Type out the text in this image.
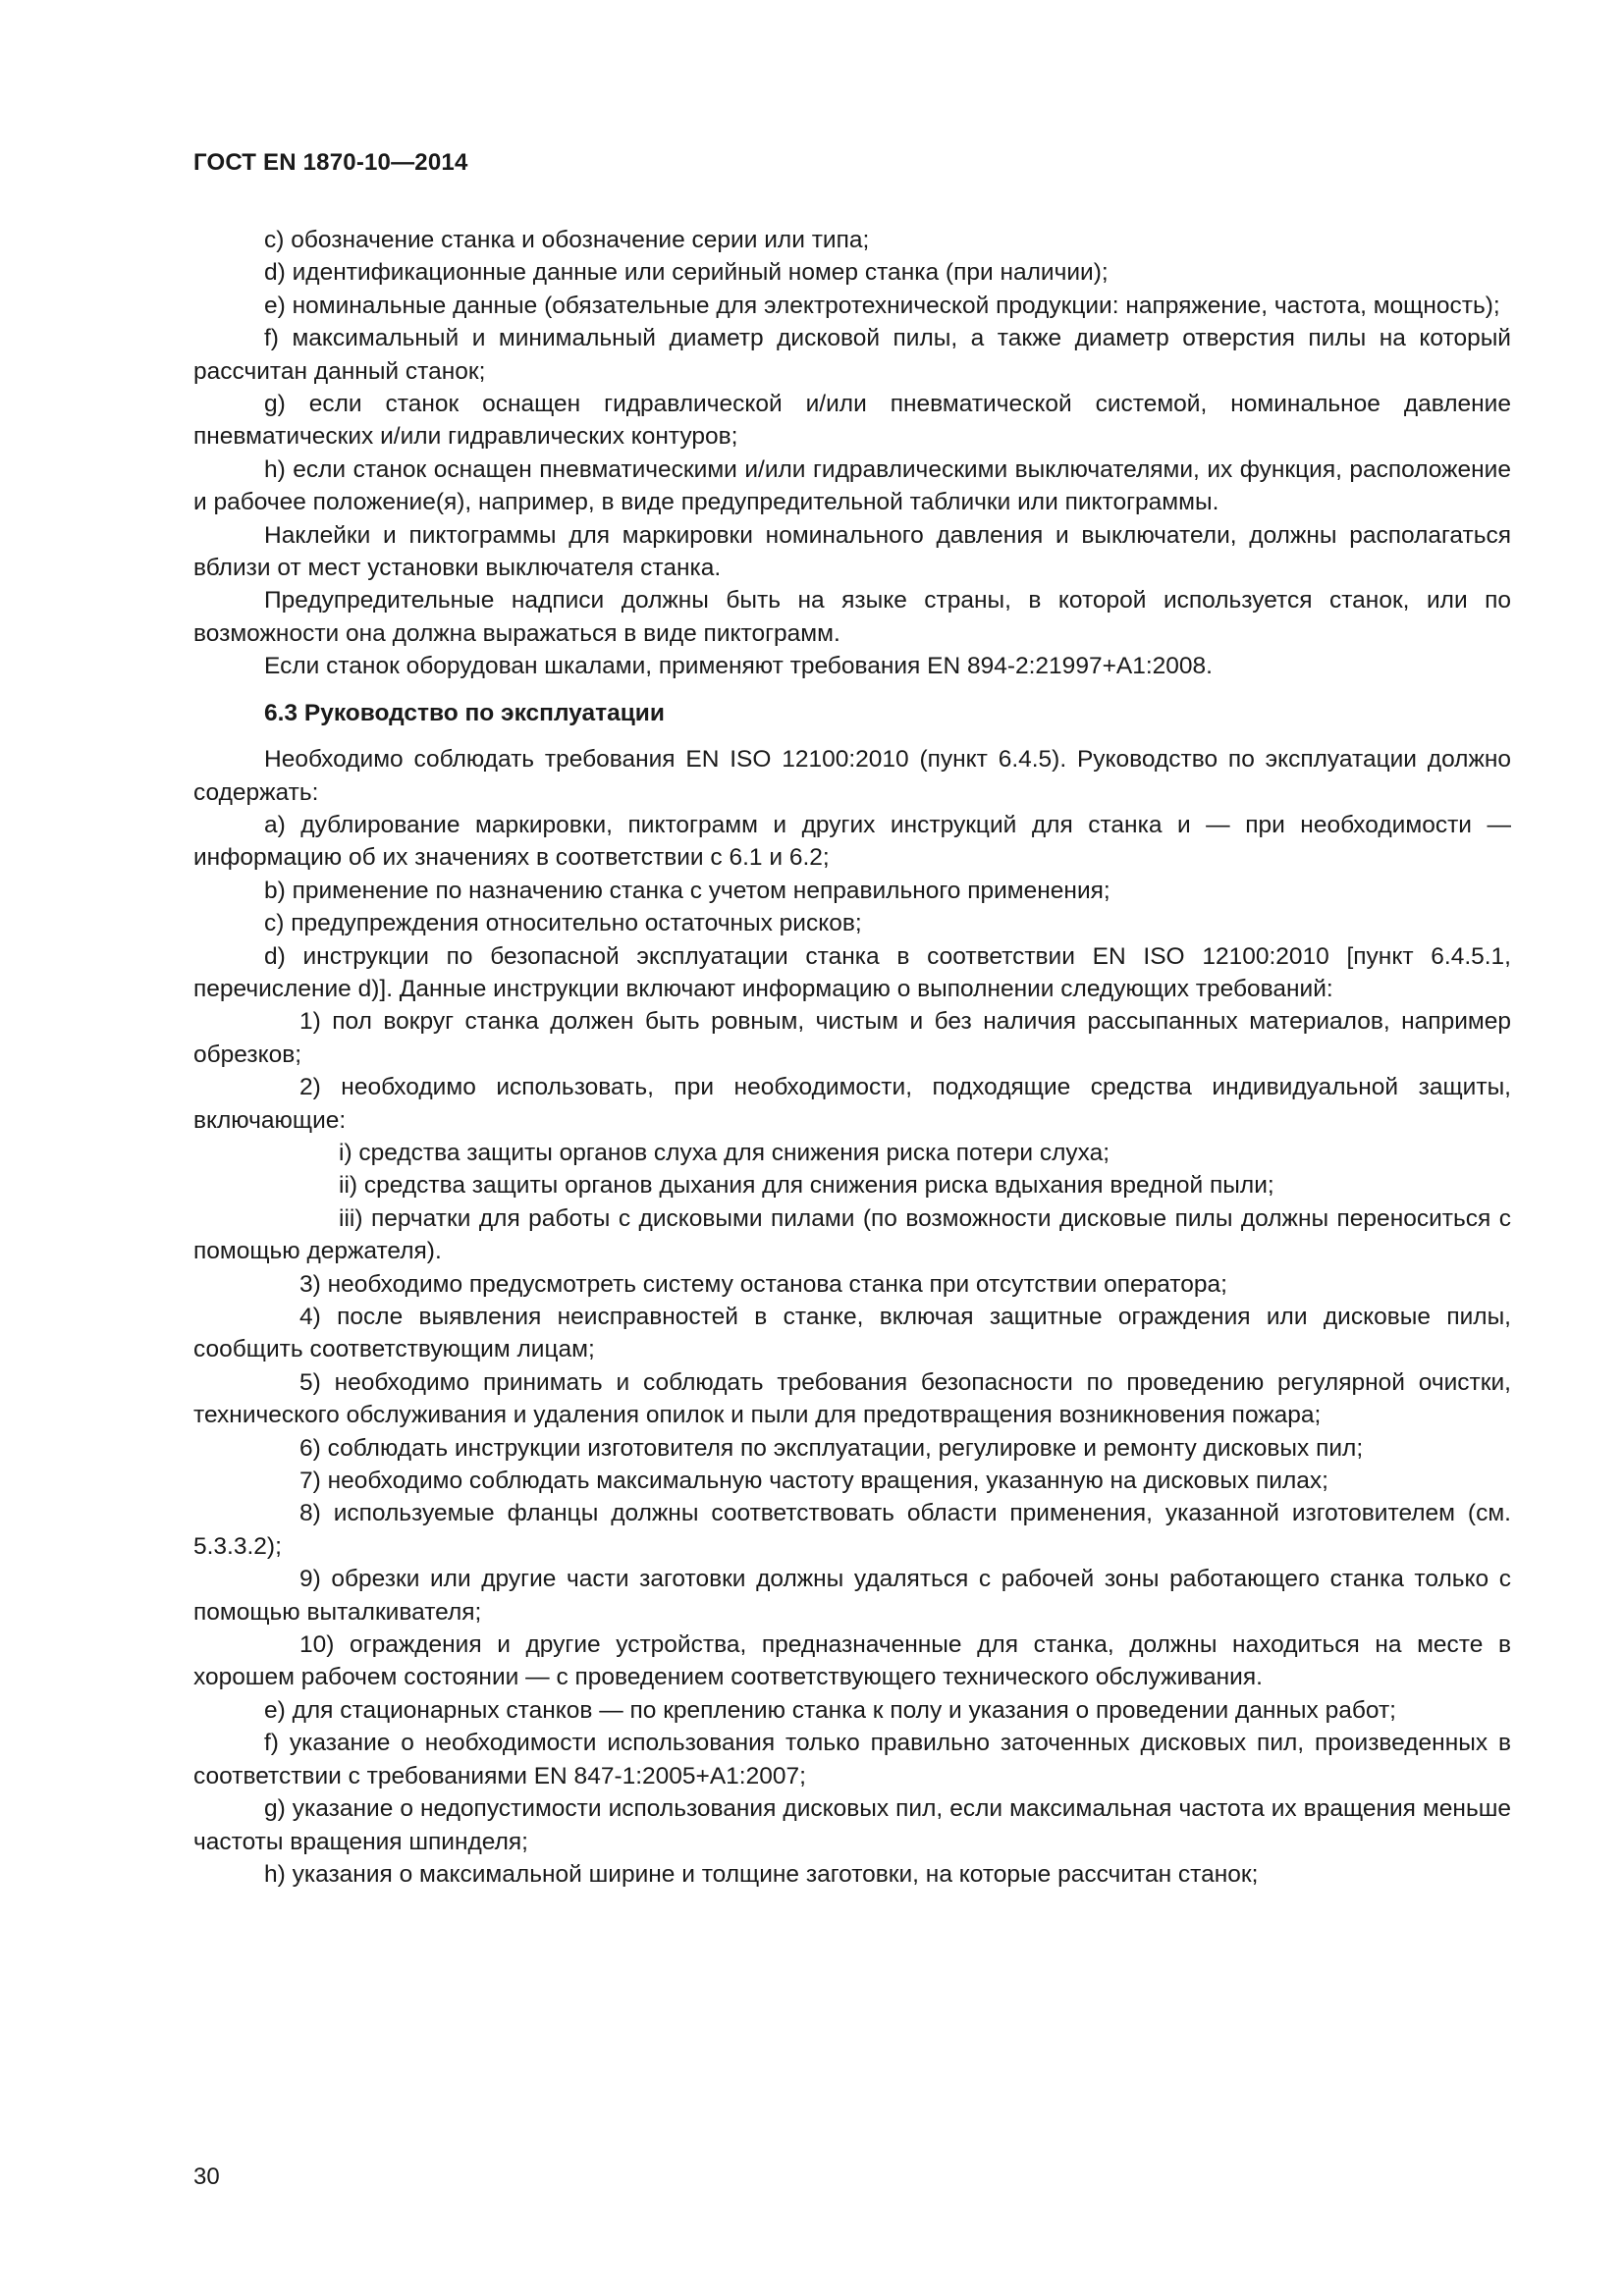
ГОСТ EN 1870-10—2014

c) обозначение станка и обозначение серии или типа;

d) идентификационные данные или серийный номер станка (при наличии);

e) номинальные данные (обязательные для электротехнической продукции: напряжение, частота, мощность);

f) максимальный и минимальный диаметр дисковой пилы, а также диаметр отверстия пилы на который рассчитан данный станок;

g) если станок оснащен гидравлической и/или пневматической системой, номинальное давление пневматических и/или гидравлических контуров;

h) если станок оснащен пневматическими и/или гидравлическими выключателями, их функция, расположение и рабочее положение(я), например, в виде предупредительной таблички или пиктограммы.

Наклейки и пиктограммы для маркировки номинального давления и выключатели, должны располагаться вблизи от мест установки выключателя станка.

Предупредительные надписи должны быть на языке страны, в которой используется станок, или по возможности она должна выражаться в виде пиктограмм.

Если станок оборудован шкалами, применяют требования EN 894-2:21997+A1:2008.

6.3 Руководство по эксплуатации

Необходимо соблюдать требования EN ISO 12100:2010 (пункт 6.4.5). Руководство по эксплуатации должно содержать:

a) дублирование маркировки, пиктограмм и других инструкций для станка и — при необходимости — информацию об их значениях в соответствии с 6.1 и 6.2;

b) применение по назначению станка с учетом неправильного применения;

c) предупреждения относительно остаточных рисков;

d) инструкции по безопасной эксплуатации станка в соответствии EN ISO 12100:2010 [пункт 6.4.5.1, перечисление d)]. Данные инструкции включают информацию о выполнении следующих требований:

1) пол вокруг станка должен быть ровным, чистым и без наличия рассыпанных материалов, например обрезков;

2) необходимо использовать, при необходимости, подходящие средства индивидуальной защиты, включающие:

i) средства защиты органов слуха для снижения риска потери слуха;

ii) средства защиты органов дыхания для снижения риска вдыхания вредной пыли;

iii) перчатки для работы с дисковыми пилами (по возможности дисковые пилы должны переноситься с помощью держателя).

3) необходимо предусмотреть систему останова станка при отсутствии оператора;

4) после выявления неисправностей в станке, включая защитные ограждения или дисковые пилы, сообщить соответствующим лицам;

5) необходимо принимать и соблюдать требования безопасности по проведению регулярной очистки, технического обслуживания и удаления опилок и пыли для предотвращения возникновения пожара;

6) соблюдать инструкции изготовителя по эксплуатации, регулировке и ремонту дисковых пил;

7) необходимо соблюдать максимальную частоту вращения, указанную на дисковых пилах;

8) используемые фланцы должны соответствовать области применения, указанной изготовителем (см. 5.3.3.2);

9) обрезки или другие части заготовки должны удаляться с рабочей зоны работающего станка только с помощью выталкивателя;

10) ограждения и другие устройства, предназначенные для станка, должны находиться на месте в хорошем рабочем состоянии — с проведением соответствующего технического обслуживания.

e) для стационарных станков — по креплению станка к полу и указания о проведении данных работ;

f) указание о необходимости использования только правильно заточенных дисковых пил, произведенных в соответствии с требованиями EN 847-1:2005+A1:2007;

g) указание о недопустимости использования дисковых пил, если максимальная частота их вращения меньше частоты вращения шпинделя;

h) указания о максимальной ширине и толщине заготовки, на которые рассчитан станок;

30
